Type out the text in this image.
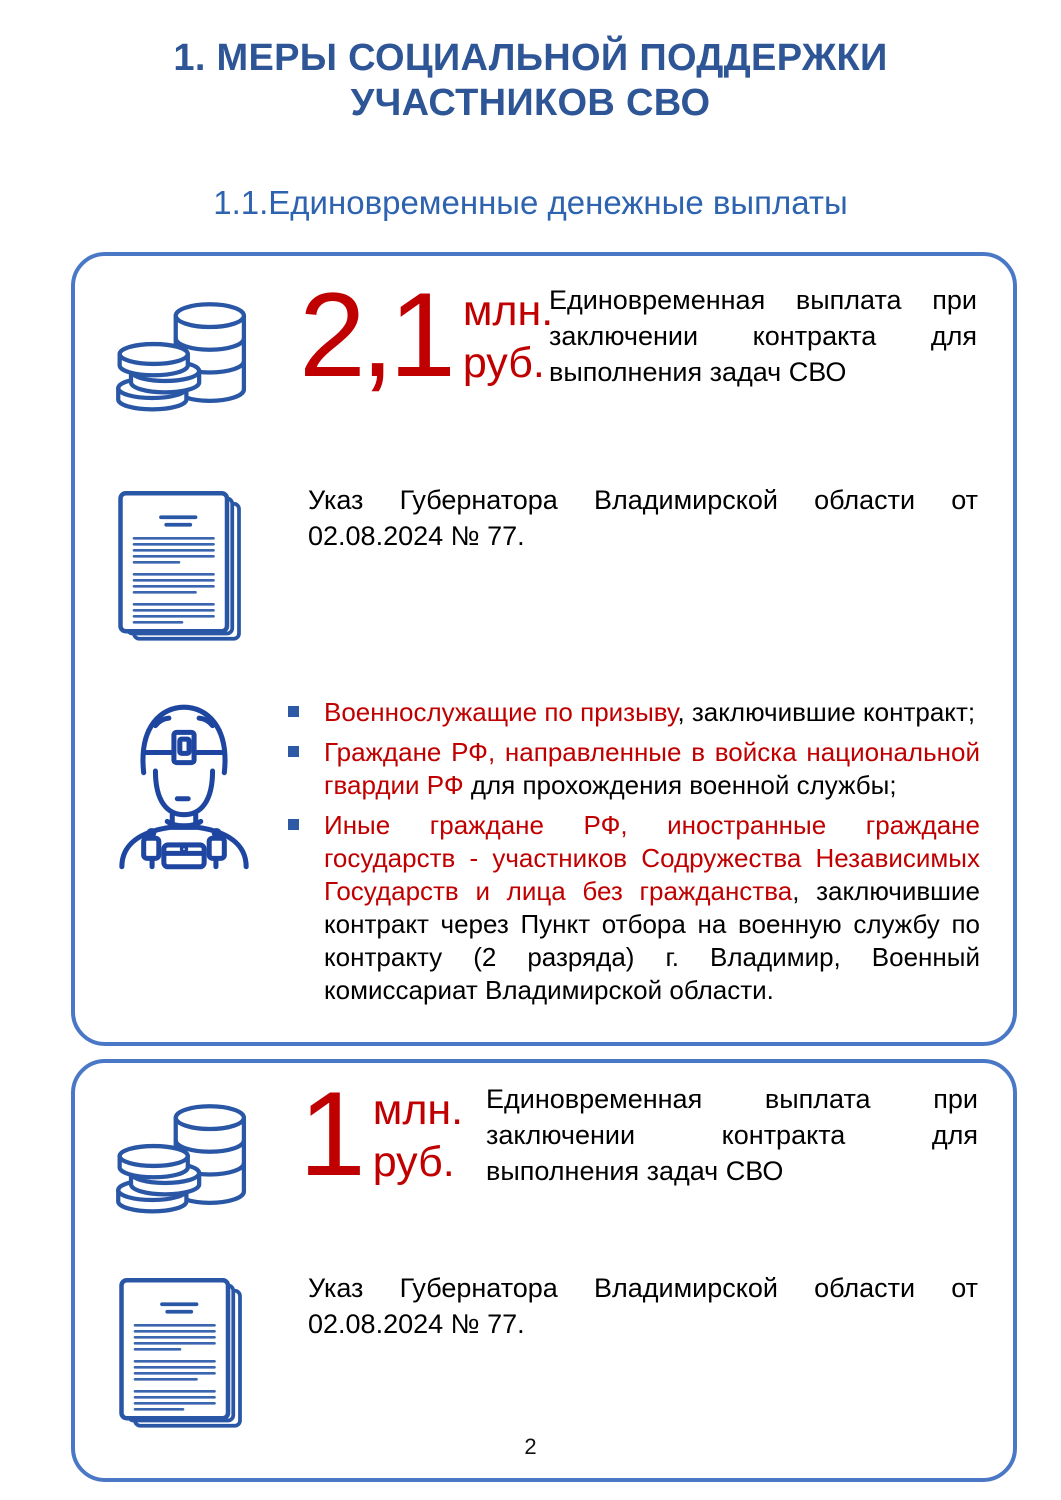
1. МЕРЫ СОЦИАЛЬНОЙ ПОДДЕРЖКИ
УЧАСТНИКОВ СВО
1.1.Единовременные денежные выплаты
2,1 млн.
руб.
Единовременная выплата при заключении контракта для выполнения задач СВО
Указ Губернатора Владимирской области от 02.08.2024 № 77.
Военнослужащие по призыву, заключившие контракт;
Граждане РФ, направленные в войска национальной гвардии РФ для прохождения военной службы;
Иные граждане РФ, иностранные граждане государств - участников Содружества Независимых Государств и лица без гражданства, заключившие контракт через Пункт отбора на военную службу по контракту (2 разряда) г. Владимир, Военный комиссариат Владимирской области.
1 млн.
руб.
Единовременная выплата при заключении контракта для выполнения задач СВО
Указ Губернатора Владимирской области от 02.08.2024 № 77.
2
